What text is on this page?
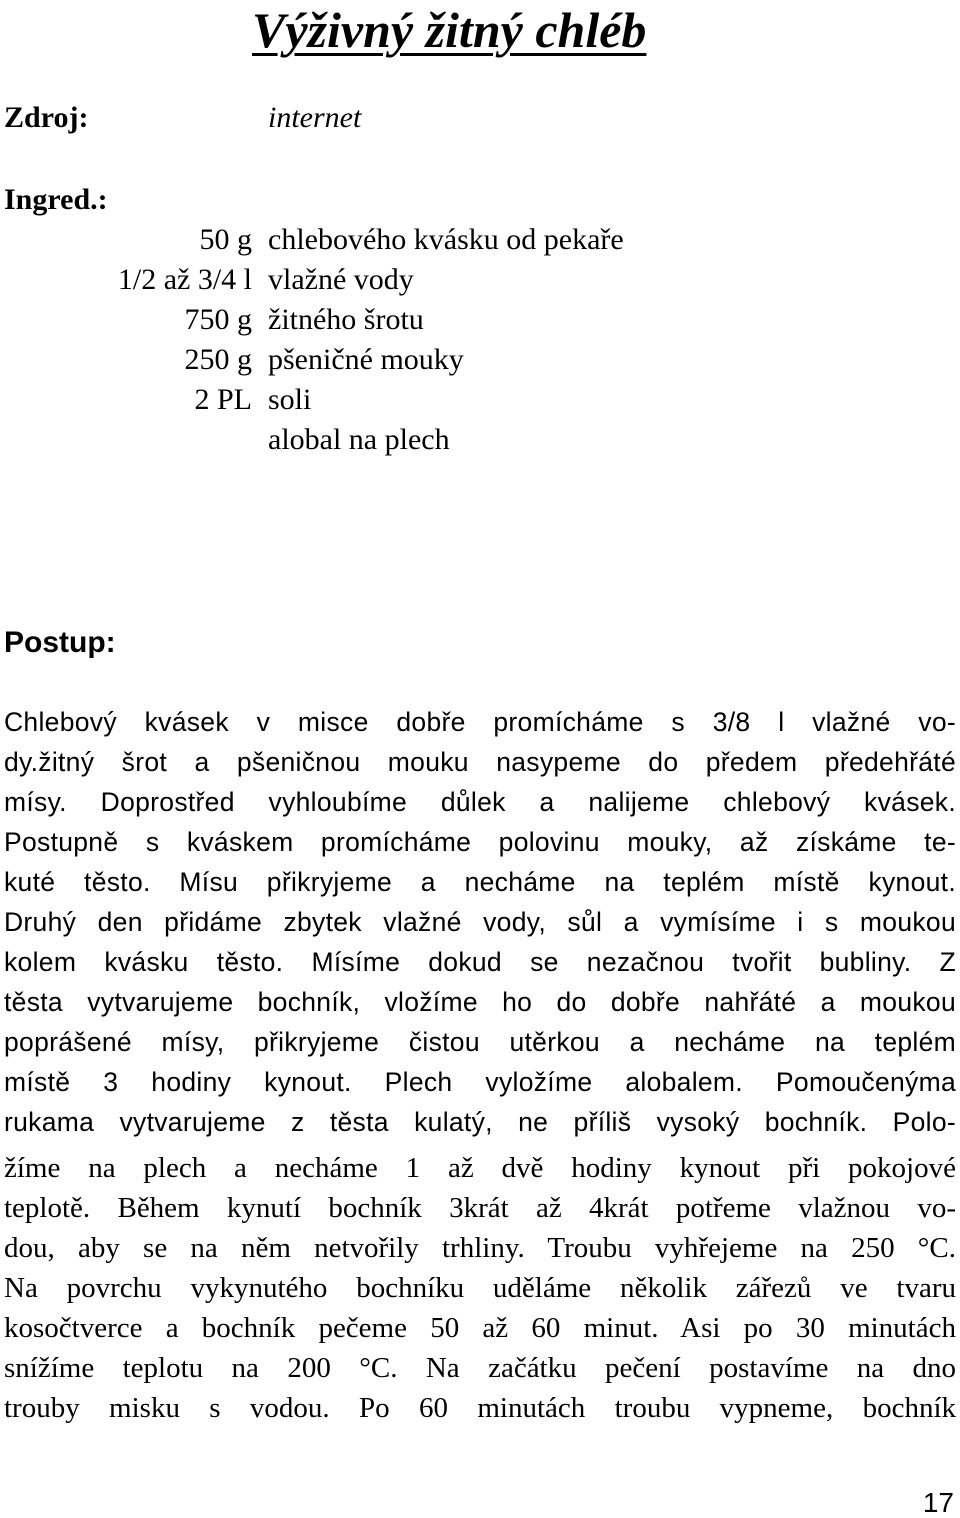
Výživný žitný chléb
Zdroj:	internet
Ingred.:
50 g chlebového kvásku od pekaře
1/2 až 3/4 l vlažné vody
750 g žitného šrotu
250 g pšeničné mouky
2 PL soli
alobal na plech
Postup:
Chlebový kvásek v misce dobře promícháme s 3/8 l vlažné vo-
dy.žitný šrot a pšeničnou mouku nasypeme do předem předehřáté
mísy. Doprostřed vyhloubíme důlek a nalijeme chlebový kvásek.
Postupně s kváskem promícháme polovinu mouky, až získáme te-
kuté těsto. Mísu přikryjeme a necháme na teplém místě kynout.
Druhý den přidáme zbytek vlažné vody, sůl a vymísíme i s moukou
kolem kvásku těsto. Mísíme dokud se nezačnou tvořit bubliny. Z
těsta vytvarujeme bochník, vložíme ho do dobře nahřáté a moukou
poprášené mísy, přikryjeme čistou utěrkou a necháme na teplém
místě 3 hodiny kynout. Plech vyložíme alobalem. Pomoučenýma
rukama vytvarujeme z těsta kulatý, ne příliš vysoký bochník. Polo-
žíme na plech a necháme 1 až dvě hodiny kynout při pokojové
teplotě. Během kynutí bochník 3krát až 4krát potřeme vlažnou vo-
dou, aby se na něm netvořily trhliny. Troubu vyhřejeme na 250 °C.
Na povrchu vykynutého bochníku uděláme několik zářezů ve tvaru
kosočtverce a bochník pečeme 50 až 60 minut. Asi po 30 minutách
snížíme teplotu na 200 °C. Na začátku pečení postavíme na dno
trouby misku s vodou. Po 60 minutách troubu vypneme, bochník
17
